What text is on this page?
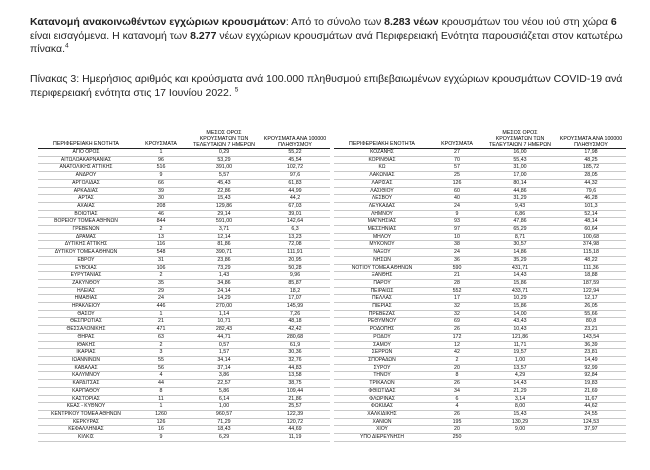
Κατανομή ανακοινωθέντων εγχώριων κρουσμάτων: Από το σύνολο των 8.283 νέων κρουσμάτων του νέου ιού στη χώρα 6 είναι εισαγόμενα. Η κατανομή των 8.277 νέων εγχώριων κρουσμάτων ανά Περιφερειακή Ενότητα παρουσιάζεται στον κατωτέρω πίνακα.$^4$
Πίνακας 3: Ημερήσιος αριθμός και κρούσματα ανά 100.000 πληθυσμού επιβεβαιωμένων εγχώριων κρουσμάτων COVID-19 ανά περιφερειακή ενότητα στις 17 Ιουνίου 2022. $^5$
ΠΕΡΙΦΕΡΕΙΑΚΗ ΕΝΟΤΗΤΑ	ΚΡΟΥΣΜΑΤΑ	ΜΕΣΟΣ ΟΡΟΣ ΚΡΟΥΣΜΑΤΩΝ ΤΩΝ ΤΕΛΕΥΤΑΙΩΝ 7 ΗΜΕΡΩΝ	ΚΡΟΥΣΜΑΤΑ ΑΝΑ 100000 ΠΛΗΘΥΣΜΟΥ
ΑΓΙΟ ΟΡΟΣ	1	0,29	55,22
ΑΙΤΩΛΟΑΚΑΡΝΑΝΙΑΣ	96	53,29	45,54
ΑΝΑΤΟΛΙΚΗΣ ΑΤΤΙΚΗΣ	516	391,00	102,72
ΑΝΔΡΟΥ	9	5,57	97,6
ΑΡΓΟΛΙΔΑΣ	66	45,43	61,83
ΑΡΚΑΔΙΑΣ	39	22,86	44,99
ΑΡΤΑΣ	30	15,43	44,2
ΑΧΑΪΑΣ	208	129,86	67,03
ΒΟΙΩΤΙΑΣ	46	29,14	39,01
ΒΟΡΕΙΟΥ ΤΟΜΕΑ ΑΘΗΝΩΝ	844	591,00	142,64
ΓΡΕΒΕΝΩΝ	2	3,71	6,3
ΔΡΑΜΑΣ	13	12,14	13,23
ΔΥΤΙΚΗΣ ΑΤΤΙΚΗΣ	116	81,86	72,08
ΔΥΤΙΚΟΥ ΤΟΜΕΑ ΑΘΗΝΩΝ	548	390,71	111,91
ΕΒΡΟΥ	31	23,86	20,95
ΕΥΒΟΙΑΣ	106	73,29	50,28
ΕΥΡΥΤΑΝΙΑΣ	2	1,43	9,96
ΖΑΚΥΝΘΟΥ	35	34,86	85,87
ΗΛΕΙΑΣ	29	24,14	18,2
ΗΜΑΘΙΑΣ	24	14,29	17,07
ΗΡΑΚΛΕΙΟΥ	446	270,00	145,99
ΘΑΣΟΥ	1	1,14	7,26
ΘΕΣΠΡΩΤΙΑΣ	21	10,71	48,18
ΘΕΣΣΑΛΟΝΙΚΗΣ	471	282,43	42,42
ΘΗΡΑΣ	63	44,71	280,68
ΙΘΑΚΗΣ	2	0,57	61,9
ΙΚΑΡΙΑΣ	3	1,57	30,36
ΙΩΑΝΝΙΝΩΝ	55	34,14	32,76
ΚΑΒΑΛΑΣ	56	37,14	44,83
ΚΑΛΥΜΝΟΥ	4	3,86	13,58
ΚΑΡΔΙΤΣΑΣ	44	22,57	38,75
ΚΑΡΠΑΘΟΥ	8	5,86	109,44
ΚΑΣΤΟΡΙΑΣ	11	6,14	21,86
ΚΕΑΣ - ΚΥΘΝΟΥ	1	1,00	25,57
ΚΕΝΤΡΙΚΟΥ ΤΟΜΕΑ ΑΘΗΝΩΝ	1260	960,57	122,39
ΚΕΡΚΥΡΑΣ	126	71,29	120,72
ΚΕΦΑΛΛΗΝΙΑΣ	16	18,43	44,69
ΚΙΛΚΙΣ	9	6,29	11,19
ΠΕΡΙΦΕΡΕΙΑΚΗ ΕΝΟΤΗΤΑ	ΚΡΟΥΣΜΑΤΑ	ΜΕΣΟΣ ΟΡΟΣ ΚΡΟΥΣΜΑΤΩΝ ΤΩΝ ΤΕΛΕΥΤΑΙΩΝ 7 ΗΜΕΡΩΝ	ΚΡΟΥΣΜΑΤΑ ΑΝΑ 100000 ΠΛΗΘΥΣΜΟΥ
ΚΟΖΑΝΗΣ	27	16,00	17,98
ΚΟΡΙΝΘΙΑΣ	70	55,43	48,25
ΚΩ	57	31,00	185,72
ΛΑΚΩΝΙΑΣ	25	17,00	28,05
ΛΑΡΙΣΑΣ	126	80,14	44,32
ΛΑΣΙΘΙΟΥ	60	44,86	79,6
ΛΕΣΒΟΥ	40	31,29	46,28
ΛΕΥΚΑΔΑΣ	24	9,43	101,3
ΛΗΜΝΟΥ	9	6,86	52,14
ΜΑΓΝΗΣΙΑΣ	93	47,86	48,14
ΜΕΣΣΗΝΙΑΣ	97	65,29	60,64
ΜΗΛΟΥ	10	8,71	100,68
ΜΥΚΟΝΟΥ	38	30,57	374,98
ΝΑΞΟΥ	24	14,86	115,18
ΝΗΣΩΝ	36	35,29	48,22
ΝΟΤΙΟΥ ΤΟΜΕΑ ΑΘΗΝΩΝ	590	431,71	111,36
ΞΑΝΘΗΣ	21	14,43	18,88
ΠΑΡΟΥ	28	15,86	187,59
ΠΕΙΡΑΙΩΣ	552	433,71	122,94
ΠΕΛΛΑΣ	17	10,29	12,17
ΠΙΕΡΙΑΣ	32	15,86	26,05
ΠΡΕΒΕΖΑΣ	32	14,00	55,66
ΡΕΘΥΜΝΟΥ	69	43,43	80,8
ΡΟΔΟΠΗΣ	26	10,43	23,21
ΡΟΔΟΥ	172	121,86	143,54
ΣΑΜΟΥ	12	11,71	36,39
ΣΕΡΡΩΝ	42	19,57	23,81
ΣΠΟΡΑΔΩΝ	2	1,00	14,49
ΣΥΡΟΥ	20	13,57	92,99
ΤΗΝΟΥ	8	4,29	92,84
ΤΡΙΚΑΛΩΝ	26	14,43	19,83
ΦΘΙΩΤΙΔΑΣ	34	21,29	21,69
ΦΛΩΡΙΝΑΣ	6	3,14	11,67
ΦΩΚΙΔΑΣ	4	8,00	44,62
ΧΑΛΚΙΔΙΚΗΣ	26	15,43	24,55
ΧΑΝΙΩΝ	195	130,29	124,53
ΧΙΟΥ	20	9,00	37,97
ΥΠΟ ΔΙΕΡΕΥΝΗΣΗ	250		
